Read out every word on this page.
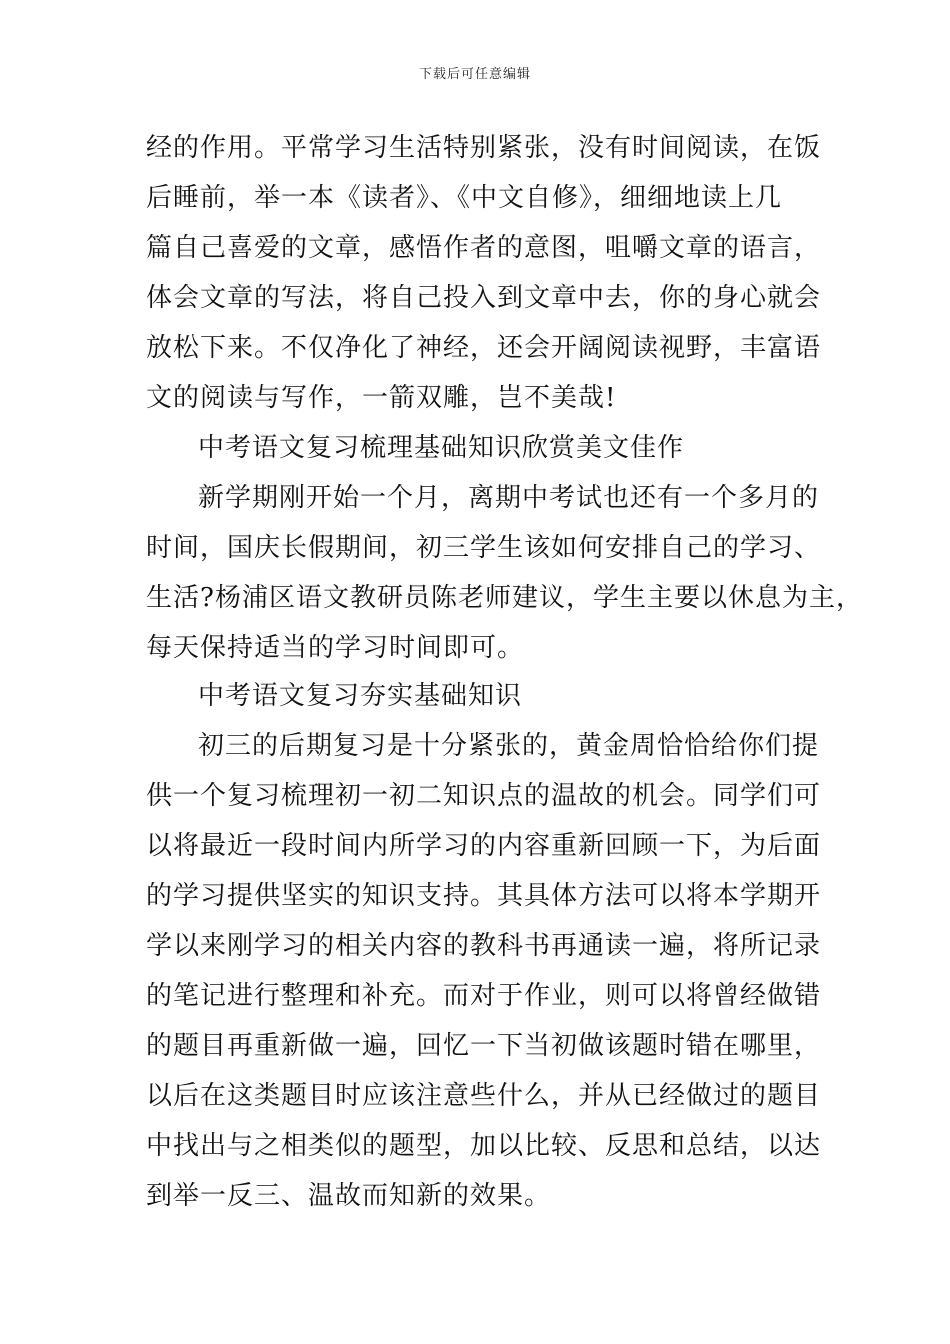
下载后可任意编辑
经的作用。平常学习生活特别紧张，没有时间阅读，在饭
后睡前，举一本《读者》、《中文自修》，细细地读上几
篇自己喜爱的文章，感悟作者的意图，咀嚼文章的语言，
体会文章的写法，将自己投入到文章中去，你的身心就会
放松下来。不仅净化了神经，还会开阔阅读视野，丰富语
文的阅读与写作，一箭双雕，岂不美哉!
中考语文复习梳理基础知识欣赏美文佳作
新学期刚开始一个月，离期中考试也还有一个多月的
时间，国庆长假期间，初三学生该如何安排自己的学习、
生活?杨浦区语文教研员陈老师建议，学生主要以休息为主，
每天保持适当的学习时间即可。
中考语文复习夯实基础知识
初三的后期复习是十分紧张的，黄金周恰恰给你们提
供一个复习梳理初一初二知识点的温故的机会。同学们可
以将最近一段时间内所学习的内容重新回顾一下，为后面
的学习提供坚实的知识支持。其具体方法可以将本学期开
学以来刚学习的相关内容的教科书再通读一遍，将所记录
的笔记进行整理和补充。而对于作业，则可以将曾经做错
的题目再重新做一遍，回忆一下当初做该题时错在哪里，
以后在这类题目时应该注意些什么，并从已经做过的题目
中找出与之相类似的题型，加以比较、反思和总结，以达
到举一反三、温故而知新的效果。
